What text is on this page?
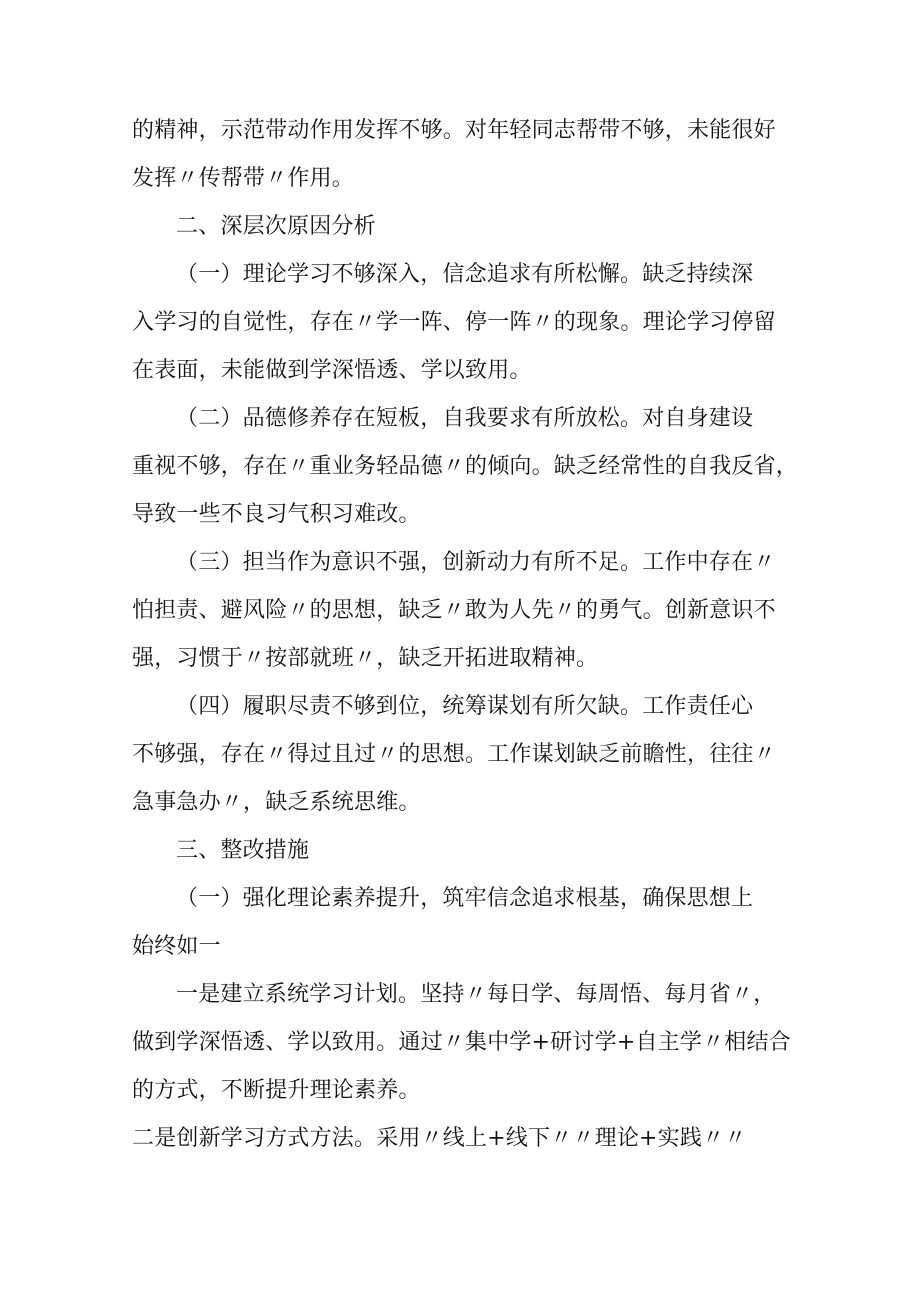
的精神，示范带动作用发挥不够。对年轻同志帮带不够，未能很好
发挥〃传帮带〃作用。
二、深层次原因分析
（一）理论学习不够深入，信念追求有所松懈。缺乏持续深
入学习的自觉性，存在〃学一阵、停一阵〃的现象。理论学习停留
在表面，未能做到学深悟透、学以致用。
（二）品德修养存在短板，自我要求有所放松。对自身建设
重视不够，存在〃重业务轻品德〃的倾向。缺乏经常性的自我反省，
导致一些不良习气积习难改。
（三）担当作为意识不强，创新动力有所不足。工作中存在〃
怕担责、避风险〃的思想，缺乏〃敢为人先〃的勇气。创新意识不
强，习惯于〃按部就班〃，缺乏开拓进取精神。
（四）履职尽责不够到位，统筹谋划有所欠缺。工作责任心
不够强，存在〃得过且过〃的思想。工作谋划缺乏前瞻性，往往〃
急事急办〃，缺乏系统思维。
三、整改措施
（一）强化理论素养提升，筑牢信念追求根基，确保思想上
始终如一
一是建立系统学习计划。坚持〃每日学、每周悟、每月省〃，
做到学深悟透、学以致用。通过〃集中学+研讨学+自主学〃相结合
的方式，不断提升理论素养。
二是创新学习方式方法。采用〃线上+线下〃〃理论+实践〃〃
